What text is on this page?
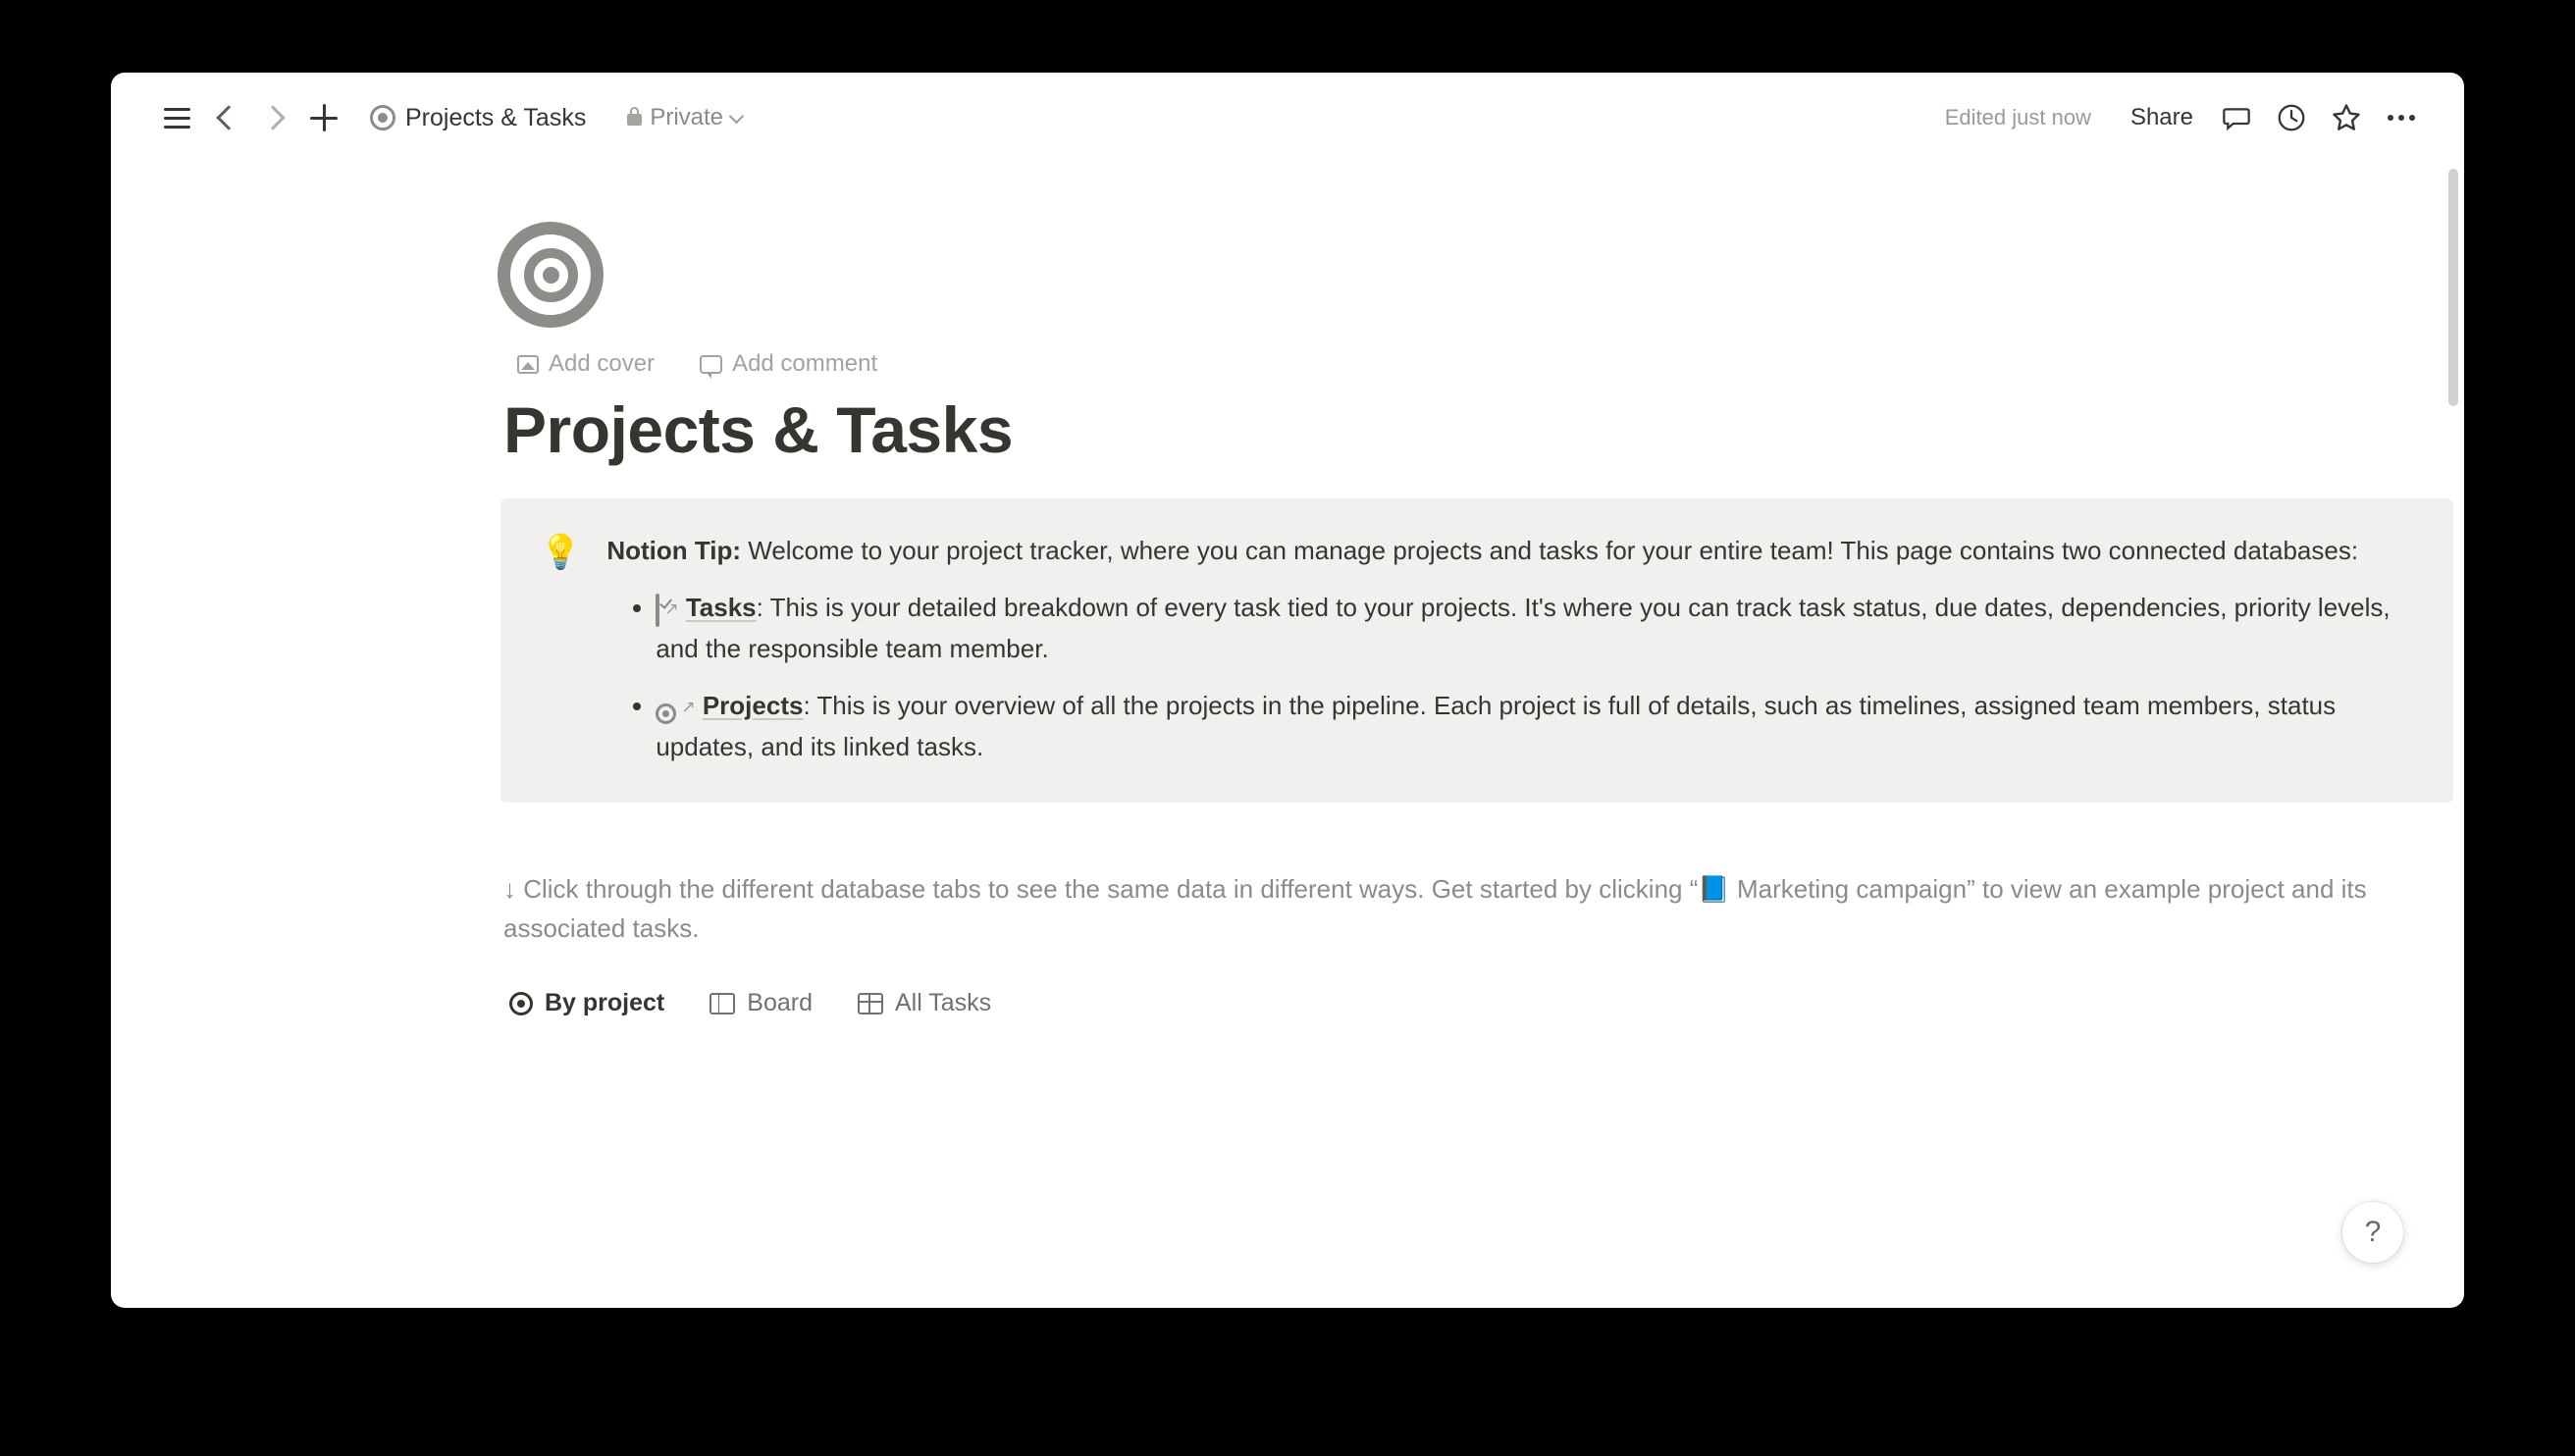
Projects & Tasks	Private	Edited just now	Share
Add cover	Add comment
Projects & Tasks
💡 Notion Tip: Welcome to your project tracker, where you can manage projects and tasks for your entire team! This page contains two connected databases:
• ↗ Tasks: This is your detailed breakdown of every task tied to your projects. It's where you can track task status, due dates, dependencies, priority levels, and the responsible team member.
• ↗ Projects: This is your overview of all the projects in the pipeline. Each project is full of details, such as timelines, assigned team members, status updates, and its linked tasks.
↓ Click through the different database tabs to see the same data in different ways. Get started by clicking “📘 Marketing campaign” to view an example project and its associated tasks.
By project	Board	All Tasks
?
